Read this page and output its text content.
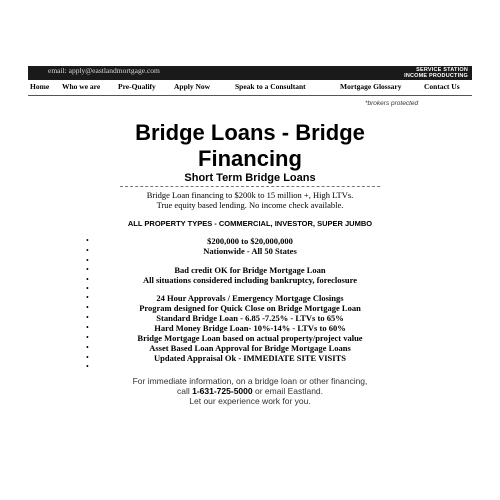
email: apply@eastlandmortgage.com	SERVICE STATION
INCOME PRODUCTING
Home Who we are Pre-Qualify Apply Now	Speak to a Consultant	Mortgage Glossary	Contact Us
*brokers protected
Bridge Loans - Bridge
Financing
Short Term Bridge Loans
Bridge Loan financing to $200k to 15 million +, High LTVs.
True equity based lending. No income check available.
ALL PROPERTY TYPES - COMMERCIAL, INVESTOR, SUPER JUMBO
$200,000 to $20,000,000
Nationwide - All 50 States
Bad credit OK for Bridge Mortgage Loan
All situations considered including bankruptcy, foreclosure
24 Hour Approvals / Emergency Mortgage Closings
Program designed for Quick Close on Bridge Mortgage Loan
Standard Bridge Loan - 6.85 -7.25% - LTVs to 65%
Hard Money Bridge Loan- 10%-14% - LTVs to 60%
Bridge Mortgage Loan based on actual property/project value
Asset Based Loan Approval for Bridge Mortgage Loans
Updated Appraisal Ok - IMMEDIATE SITE VISITS
•
•
•
•
•
•
•
•
•
•
•
•
•
•
For immediate information, on a bridge loan or other financing,
call 1-631-725-5000 or email Eastland.
Let our experience work for you.
